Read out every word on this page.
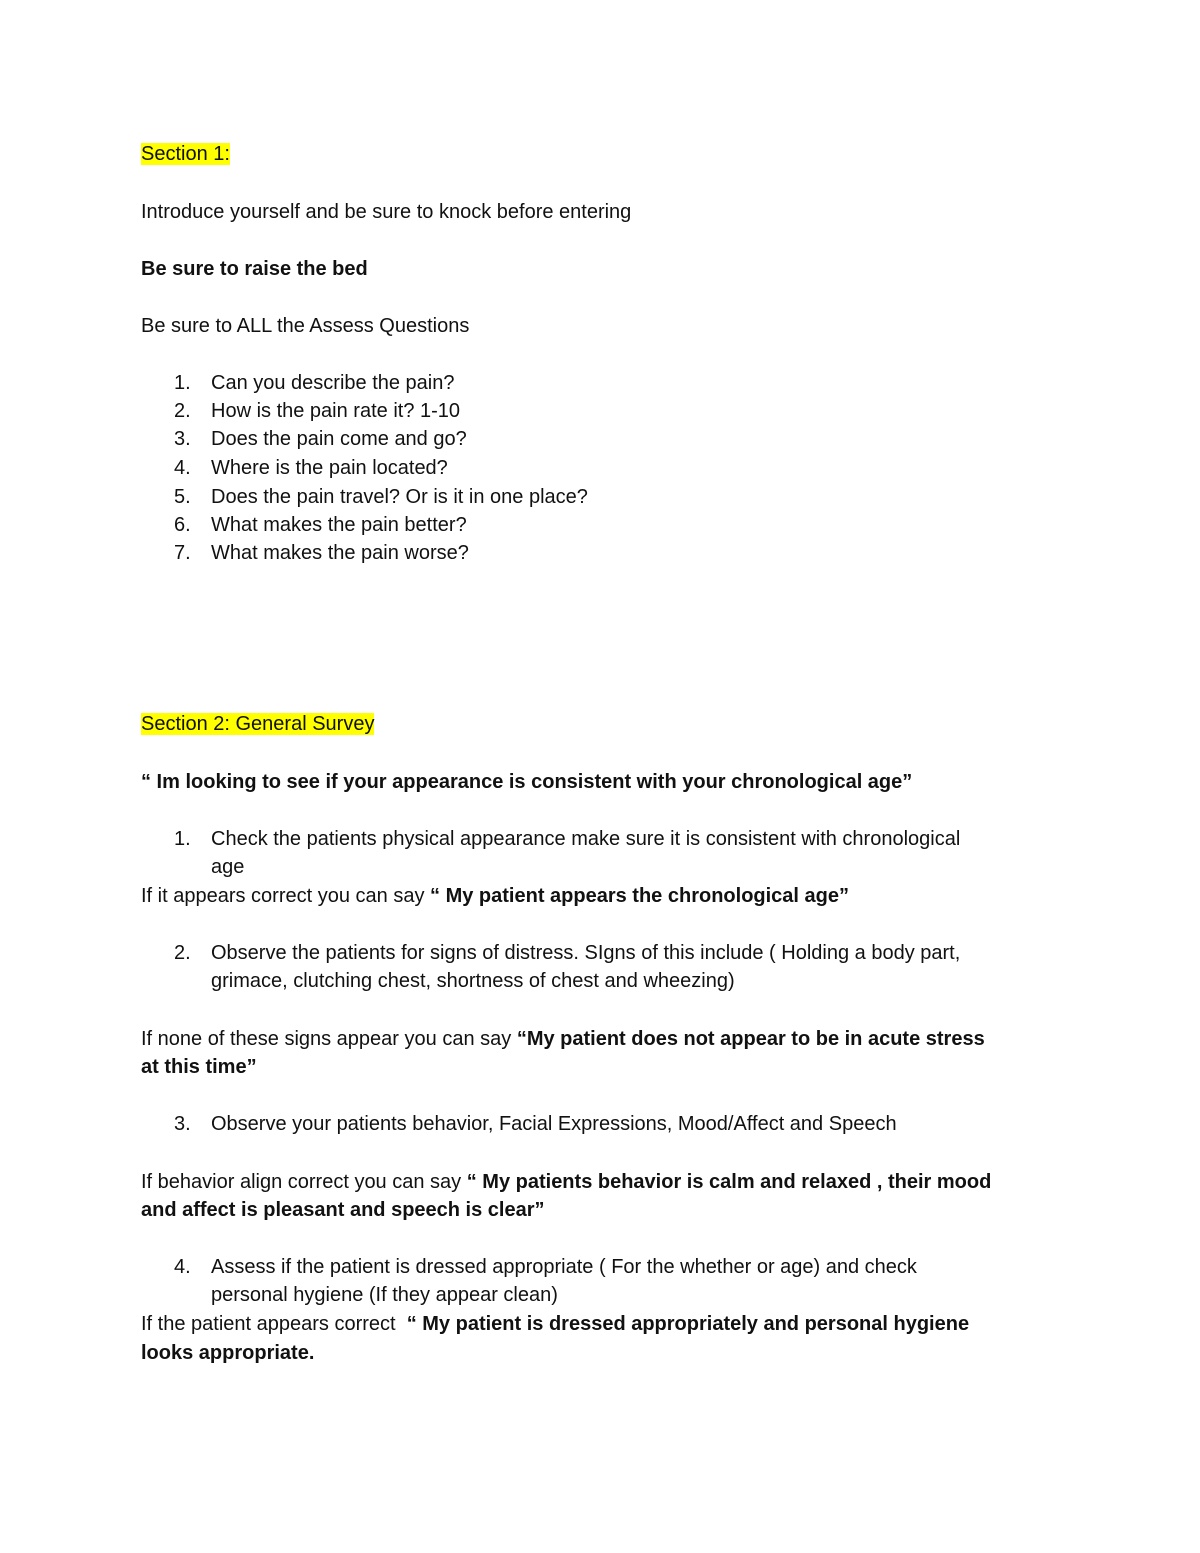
Section 1:
Introduce yourself and be sure to knock before entering
Be sure to raise the bed
Be sure to ALL the Assess Questions
1. Can you describe the pain?
2. How is the pain rate it? 1-10
3. Does the pain come and go?
4. Where is the pain located?
5. Does the pain travel? Or is it in one place?
6. What makes the pain better?
7. What makes the pain worse?
Section 2: General Survey
“ Im looking to see if your appearance is consistent with your chronological age”
1. Check the patients physical appearance make sure it is consistent with chronological
age
If it appears correct you can say “ My patient appears the chronological age”
2. Observe the patients for signs of distress. SIgns of this include ( Holding a body part,
grimace, clutching chest, shortness of chest and wheezing)
If none of these signs appear you can say “My patient does not appear to be in acute stress
at this time”
3. Observe your patients behavior, Facial Expressions, Mood/Affect and Speech
If behavior align correct you can say “ My patients behavior is calm and relaxed , their mood
and affect is pleasant and speech is clear”
4. Assess if the patient is dressed appropriate ( For the whether or age) and check
personal hygiene (If they appear clean)
If the patient appears correct  “ My patient is dressed appropriately and personal hygiene
looks appropriate.
